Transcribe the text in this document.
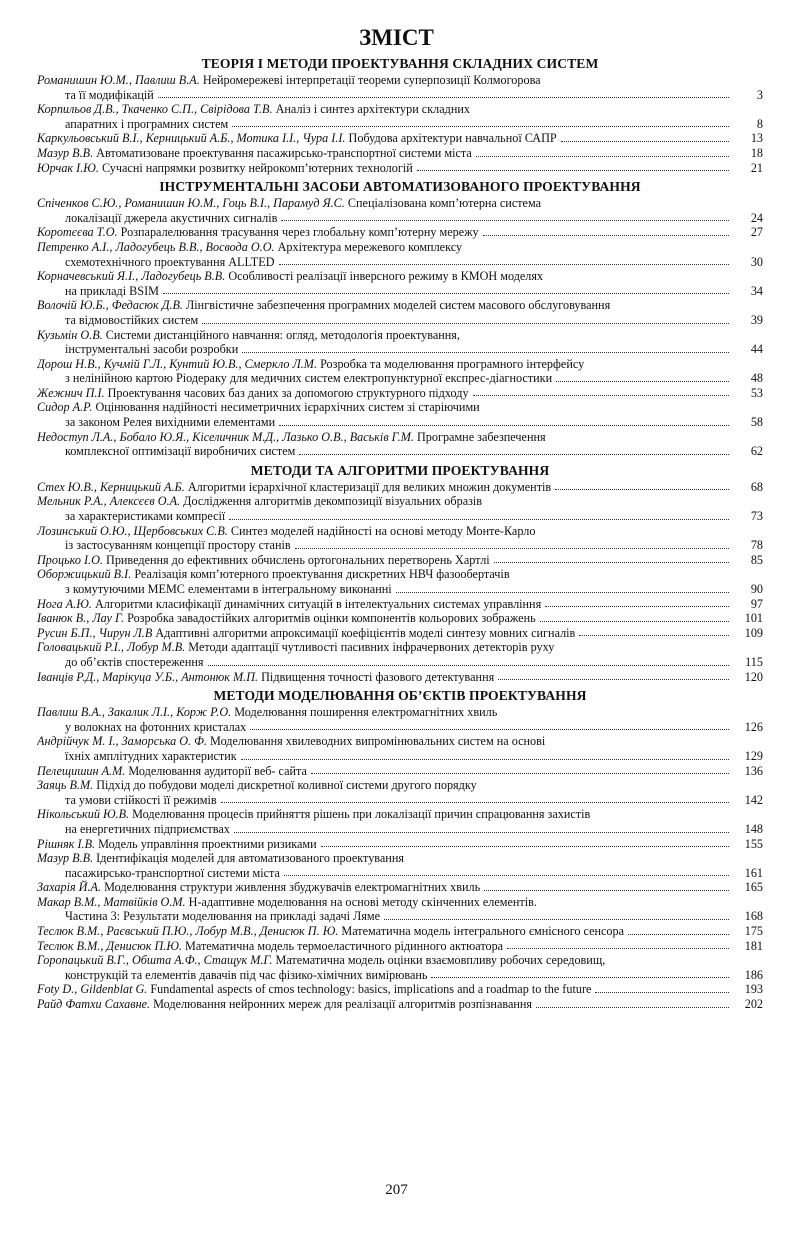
ЗМІСТ
ТЕОРІЯ І МЕТОДИ ПРОЕКТУВАННЯ СКЛАДНИХ СИСТЕМ
Романишин Ю.М., Павлиш В.А. Нейромережеві інтерпретації теореми суперпозиції Колмогорова
та її модифікацій	3
Корпильов Д.В., Ткаченко С.П., Свірідова Т.В. Аналіз і синтез архітектури складних
апаратних і програмних систем	8
Каркульовський В.І., Керницький А.Б., Мотика І.І., Чура І.І. Побудова архітектури навчальної САПР	13
Мазур В.В. Автоматизоване проектування пасажирсько-транспортної системи міста	18
Юрчак І.Ю. Сучасні напрямки розвитку нейрокомп’ютерних технологій	21
ІНСТРУМЕНТАЛЬНІ ЗАСОБИ АВТОМАТИЗОВАНОГО ПРОЕКТУВАННЯ
Спіченков С.Ю., Романишин Ю.М., Гоць В.І., Парамуд Я.С. Спеціалізована комп’ютерна система
локалізації джерела акустичних сигналів	24
Коротєєва Т.О. Розпаралелювання трасування через глобальну комп’ютерну мережу	27
Петренко А.І., Ладогубець В.В., Восвода О.О. Архітектура мережевого комплексу
схемотехнічного проектування ALLTED	30
Корначевський Я.І., Ладогубець В.В. Особливості реалізації інверсного режиму в КМОН моделях
на прикладі BSIM	34
Волочій Ю.Б., Федасюк Д.В. Лінгвістичне забезпечення програмних моделей систем масового обслуговування
та відмовостійких систем	39
Кузьмін О.В. Системи дистанційного навчання: огляд, методологія проектування,
інструментальні засоби розробки	44
Дорош Н.В., Кучмій Г.Л., Кунтий Ю.В., Смеркло Л.М. Розробка та моделювання програмного інтерфейсу
з нелінійною картою Ріодераку для медичних систем електропунктурної експрес-діагностики	48
Жежнич П.І. Проектування часових баз даних за допомогою структурного підходу	53
Сидор А.Р. Оцінювання надійності несиметричних ієрархічних систем зі старіючими
за законом Релея вихідними елементами	58
Недоступ Л.А., Бобало Ю.Я., Кіселичник М.Д., Лазько О.В., Васьків Г.М. Програмне забезпечення
комплексної оптимізації виробничих систем	62
МЕТОДИ ТА АЛГОРИТМИ ПРОЕКТУВАННЯ
Стех Ю.В., Керницький А.Б. Алгоритми ієрархічної кластеризації для великих множин документів	68
Мельник Р.А., Алексєєв О.А. Дослідження алгоритмів декомпозиції візуальних образів
за характеристиками компресії	73
Лозинський О.Ю., Щербовських С.В. Синтез моделей надійності на основі методу Монте-Карло
із застосуванням концепції простору станів	78
Процько І.О. Приведення до ефективних обчислень ортогональних перетворень Хартлі	85
Оборжицький В.І. Реалізація комп’ютерного проектування дискретних НВЧ фазообертачів
з комутуючими МЕМС елементами в інтегральному виконанні	90
Нога А.Ю. Алгоритми класифікації динамічних ситуацій в інтелектуальних системах управління	97
Іванюк В., Лау Г. Розробка завадостійких алгоритмів оцінки компонентів кольорових зображень	101
Русин Б.П., Чирун Л.В Адаптивні алгоритми апроксимації коефіцієнтів моделі синтезу мовних сигналів	109
Головацький Р.І., Лобур М.В. Методи адаптації чутливості пасивних інфрачервоних детекторів руху
до об’єктів спостереження	115
Іванців Р.Д., Марікуца У.Б., Антонюк М.П. Підвищення точності фазового детектування	120
МЕТОДИ МОДЕЛЮВАННЯ ОБ’ЄКТІВ ПРОЕКТУВАННЯ
Павлиш В.А., Закалик Л.І., Корж Р.О. Моделювання поширення електромагнітних хвиль
у волокнах на фотонних кристалах	126
Андрійчук М. І., Заморська О. Ф. Моделювання хвилеводних випромінювальних систем на основі
їхніх амплітудних характеристик	129
Пелещишин А.М. Моделювання аудиторії веб- сайта	136
Заяць В.М. Підхід до побудови моделі дискретної коливної системи другого порядку
та умови стійкості її режимів	142
Нікольський Ю.В. Моделювання процесів прийняття рішень при локалізації причин спрацювання захистів
на енергетичних підприємствах	148
Рішняк І.В. Модель управління проектними ризиками	155
Мазур В.В. Ідентифікація моделей для автоматизованого проектування
пасажирсько-транспортної системи міста	161
Захарія Й.А. Моделювання структури живлення збуджувачів електромагнітних хвиль	165
Макар В.М., Матвійків О.М. Н-адаптивне моделювання на основі методу скінченних елементів.
Частина 3: Результати моделювання на прикладі задачі Ляме	168
Теслюк В.М., Раєвський П.Ю., Лобур М.В., Денисюк П. Ю. Математична модель інтегрального ємнісного сенсора	175
Теслюк В.М., Денисюк П.Ю. Математична модель термоеластичного рідинного актюатора	181
Горопацький В.Г., Обшта А.Ф., Стащук М.Г. Математична модель оцінки взаємовпливу робочих середовищ,
конструкцій та елементів давачів під час фізико-хімічних вимірювань	186
Foty D., Gildenblat G. Fundamental aspects of cmos technology: basics, implications and a roadmap to the future	193
Райд Фатхи Сахавне. Моделювання нейронних мереж для реалізації алгоритмів розпізнавання	202
207
